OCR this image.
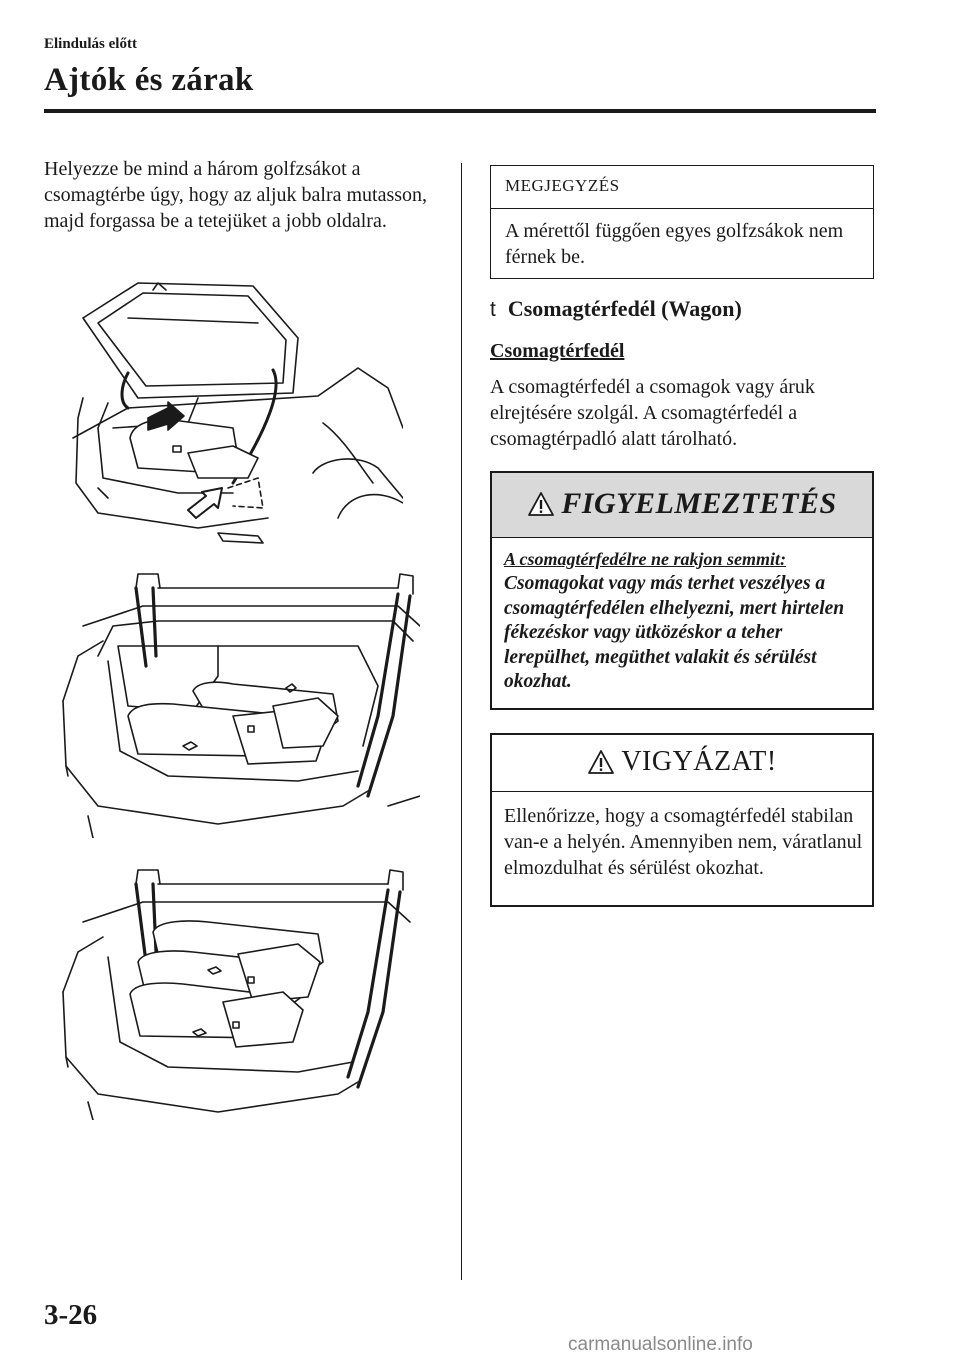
Elindulás előtt
Ajtók és zárak

Helyezze be mind a három golfzsákot a csomagtérbe úgy, hogy az aljuk balra mutasson, majd forgassa be a tetejüket a jobb oldalra.

MEGJEGYZÉS

A mérettől függően egyes golfzsákok nem férnek be.

t Csomagtérfedél (Wagon)
Csomagtérfedél

A csomagtérfedél a csomagok vagy áruk elrejtésére szolgál. A csomagtérfedél a csomagtérpadló alatt tárolható.

FIGYELMEZTETÉS

A csomagtérfedélre ne rakjon semmit:

Csomagokat vagy más terhet veszélyes a csomagtérfedélen elhelyezni, mert hirtelen fékezéskor vagy ütközéskor a teher lerepülhet, megüthet valakit és sérülést okozhat.

VIGYÁZAT!

Ellenőrizze, hogy a csomagtérfedél stabilan van-e a helyén. Amennyiben nem, váratlanul elmozdulhat és sérülést okozhat.

3-26
carmanualsonline.info
